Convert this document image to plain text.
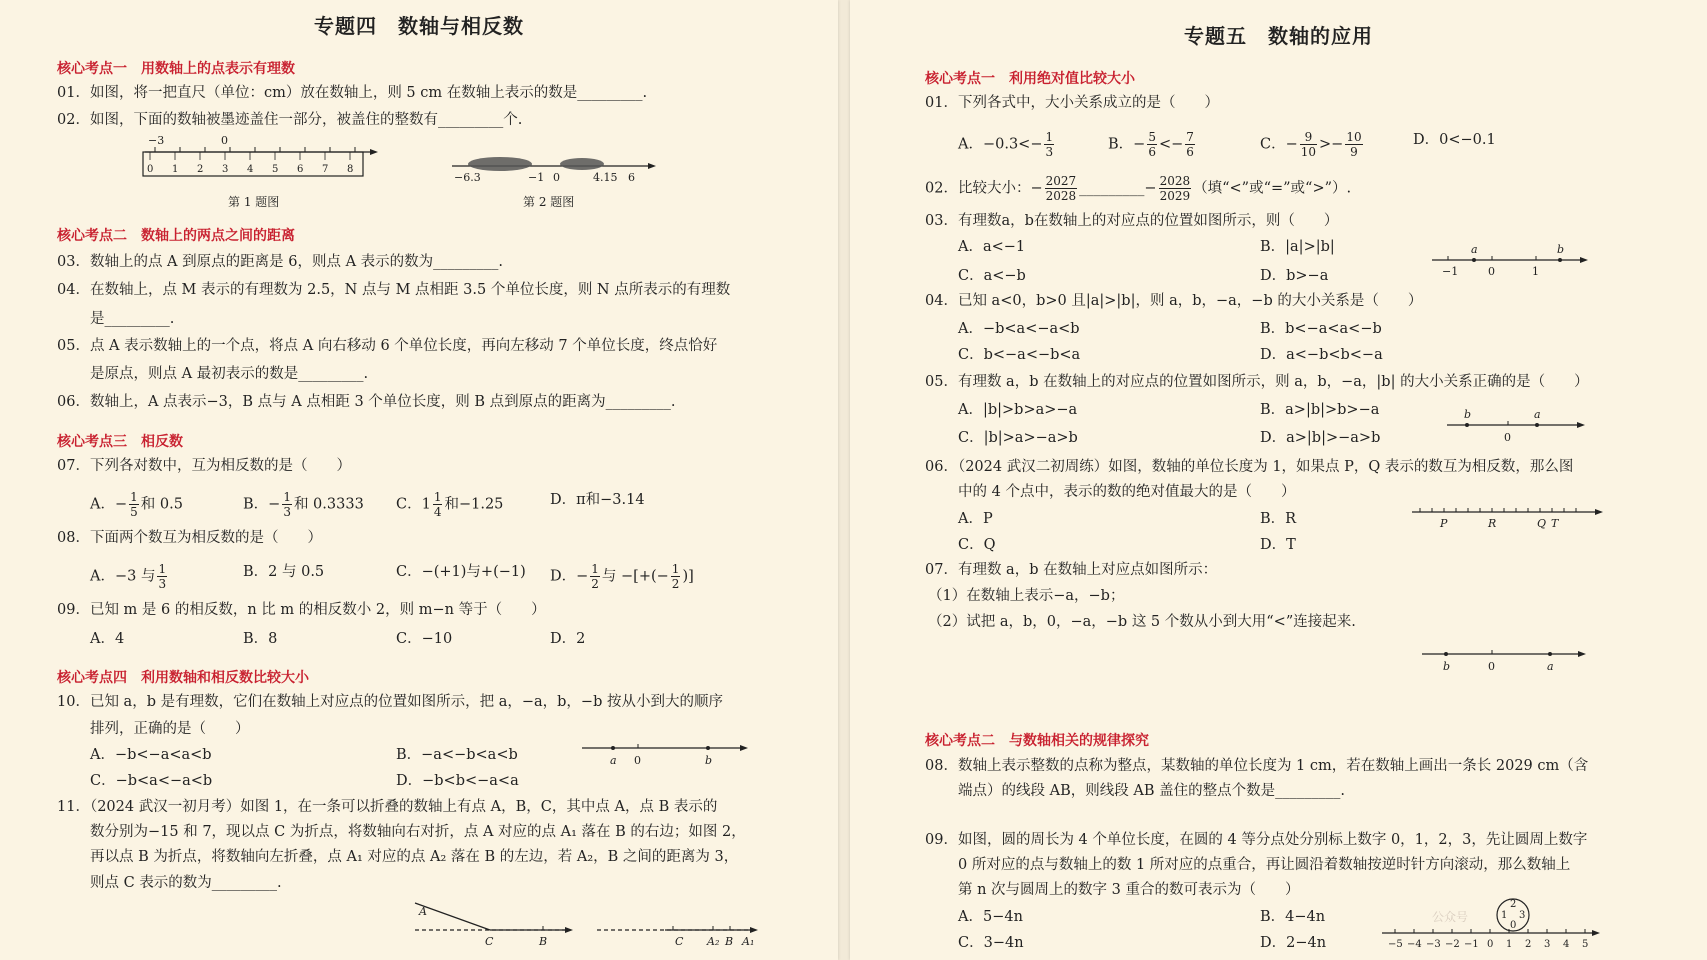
专题四　数轴与相反数
核心考点一　用数轴上的点表示有理数
01．如图，将一把直尺（单位：cm）放在数轴上，则 5 cm 在数轴上表示的数是_________.
02．如图，下面的数轴被墨迹盖住一部分，被盖住的整数有_________个.
−3	0
0 1 2 3 4 5 6 7 8
第 1 题图
−6.3	−1 0	4.15 6
第 2 题图
核心考点二　数轴上的两点之间的距离
03．数轴上的点 A 到原点的距离是 6，则点 A 表示的数为_________.
04．在数轴上，点 M 表示的有理数为 2.5，N 点与 M 点相距 3.5 个单位长度，则 N 点所表示的有理数
是_________.
05．点 A 表示数轴上的一个点，将点 A 向右移动 6 个单位长度，再向左移动 7 个单位长度，终点恰好
是原点，则点 A 最初表示的数是_________.
06．数轴上，A 点表示−3，B 点与 A 点相距 3 个单位长度，则 B 点到原点的距离为_________.
核心考点三　相反数
07．下列各对数中，互为相反数的是（　　）
A．− $\frac{1}{5}$ 和 0.5	B．− $\frac{1}{3}$ 和 0.3333 C．$1 \frac{1}{4}$ 和−1.25	D．π和−3.14
08．下面两个数互为相反数的是（　　）
A．−3 与 $\frac{1}{3}$	B．2 与 0.5	C．−(+1)与+(−1) D．− $\frac{1}{2}$ 与 −[+(− $\frac{1}{2}$ )]
09．已知 m 是 6 的相反数，n 比 m 的相反数小 2，则 m−n 等于（　　）
A．4	B．8	C．−10	D．2
核心考点四　利用数轴和相反数比较大小
10．已知 a，b 是有理数，它们在数轴上对应点的位置如图所示，把 a，−a，b，−b 按从小到大的顺序
排列，正确的是（　　）
A．−b<−a<a<b	B．−a<−b<a<b
C．−b<a<−a<b	D．−b<b<−a<a
a 0	b
11．（2024 武汉一初月考）如图 1，在一条可以折叠的数轴上有点 A，B，C，其中点 A，点 B 表示的
数分别为−15 和 7，现以点 C 为折点，将数轴向右对折，点 A 对应的点 A₁ 落在 B 的右边；如图 2，
再以点 B 为折点，将数轴向左折叠，点 A₁ 对应的点 A₂ 落在 B 的左边，若 A₂，B 之间的距离为 3，
则点 C 表示的数为_________.
A
C	B	C A₂ B A₁
专题五　数轴的应用
核心考点一　利用绝对值比较大小
01．下列各式中，大小关系成立的是（　　）
A．$-0.3<- \frac{1}{3}$	B．− $\frac{5}{6} <- \frac{7}{6}$	C．− $\frac{9}{10} >- \frac{10}{9}$	D．0<−0.1
02．比较大小：− $\frac{2027}{2028}$ _________− $\frac{2028}{2029}$ （填“<”或“=”或“>”）.
03．有理数a，b在数轴上的对应点的位置如图所示，则（　　）
A．a<−1	B．|a|>|b|
C．a<−b	D．b>−a
a	b
−1	0	1
04．已知 a<0，b>0 且|a|>|b|，则 a，b，−a，−b 的大小关系是（　　）
A．−b<a<−a<b	B．b<−a<a<−b
C．b<−a<−b<a	D．a<−b<b<−a
05．有理数 a，b 在数轴上的对应点的位置如图所示，则 a，b，−a，|b| 的大小关系正确的是（　　）
A．|b|>b>a>−a	B．a>|b|>b>−a
C．|b|>a>−a>b	D．a>|b|>−a>b
b	a
0
06．（2024 武汉二初周练）如图，数轴的单位长度为 1，如果点 P，Q 表示的数互为相反数，那么图
中的 4 个点中，表示的数的绝对值最大的是（　　）
A．P	B．R
C．Q	D．T
P	R	Q T
07．有理数 a，b 在数轴上对应点如图所示：
（1）在数轴上表示−a，−b；
（2）试把 a，b，0，−a，−b 这 5 个数从小到大用“<”连接起来.
b	0	a
核心考点二　与数轴相关的规律探究
08．数轴上表示整数的点称为整点，某数轴的单位长度为 1 cm，若在数轴上画出一条长 2029 cm（含
端点）的线段 AB，则线段 AB 盖住的整点个数是_________.
09．如图，圆的周长为 4 个单位长度，在圆的 4 等分点处分别标上数字 0，1，2，3，先让圆周上数字
0 所对应的点与数轴上的数 1 所对应的点重合，再让圆沿着数轴按逆时针方向滚动，那么数轴上
第 n 次与圆周上的数字 3 重合的数可表示为（　　）
A．5−4n	B．4−4n
C．3−4n	D．2−4n
公众号
2
1 3
0
−5 −4 −3 −2 −1 0 1 2 3 4 5
